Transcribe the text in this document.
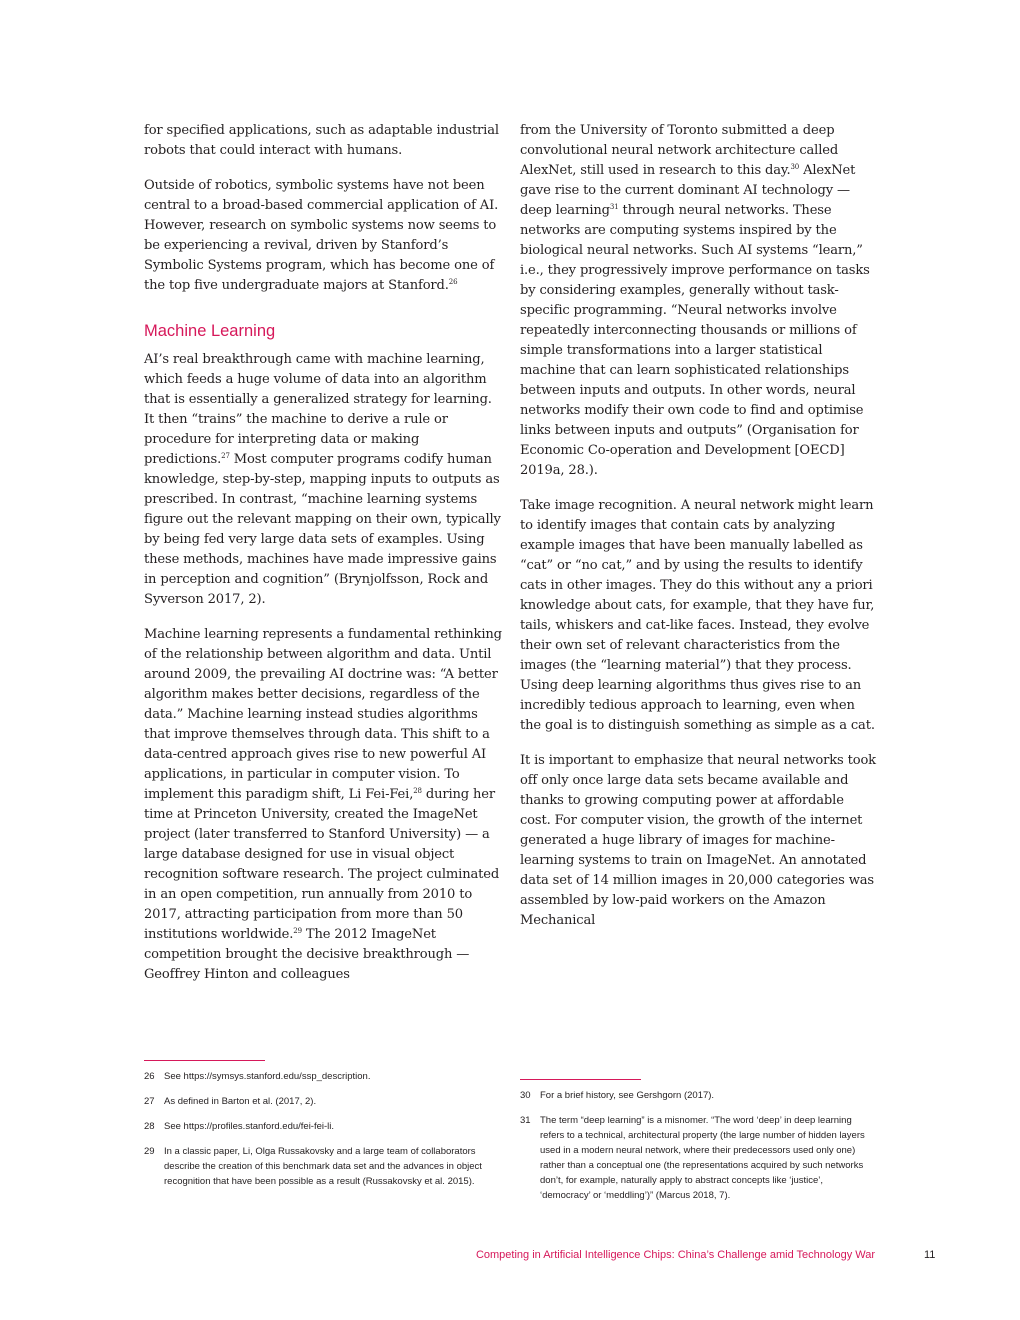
for specified applications, such as adaptable industrial robots that could interact with humans.

Outside of robotics, symbolic systems have not been central to a broad-based commercial application of AI. However, research on symbolic systems now seems to be experiencing a revival, driven by Stanford’s Symbolic Systems program, which has become one of the top five undergraduate majors at Stanford.$^{26}$

Machine Learning

AI’s real breakthrough came with machine learning, which feeds a huge volume of data into an algorithm that is essentially a generalized strategy for learning. It then “trains” the machine to derive a rule or procedure for interpreting data or making predictions.$^{27}$ Most computer programs codify human knowledge, step-by-step, mapping inputs to outputs as prescribed. In contrast, “machine learning systems figure out the relevant mapping on their own, typically by being fed very large data sets of examples. Using these methods, machines have made impressive gains in perception and cognition” (Brynjolfsson, Rock and Syverson 2017, 2).

Machine learning represents a fundamental rethinking of the relationship between algorithm and data. Until around 2009, the prevailing AI doctrine was: “A better algorithm makes better decisions, regardless of the data.” Machine learning instead studies algorithms that improve themselves through data. This shift to a data-centred approach gives rise to new powerful AI applications, in particular in computer vision. To implement this paradigm shift, Li Fei-Fei,$^{28}$ during her time at Princeton University, created the ImageNet project (later transferred to Stanford University) — a large database designed for use in visual object recognition software research. The project culminated in an open competition, run annually from 2010 to 2017, attracting participation from more than 50 institutions worldwide.$^{29}$ The 2012 ImageNet competition brought the decisive breakthrough — Geoffrey Hinton and colleagues

from the University of Toronto submitted a deep convolutional neural network architecture called AlexNet, still used in research to this day.$^{30}$ AlexNet gave rise to the current dominant AI technology — deep learning$^{31}$ through neural networks. These networks are computing systems inspired by the biological neural networks. Such AI systems “learn,” i.e., they progressively improve performance on tasks by considering examples, generally without task-specific programming. “Neural networks involve repeatedly interconnecting thousands or millions of simple transformations into a larger statistical machine that can learn sophisticated relationships between inputs and outputs. In other words, neural networks modify their own code to find and optimise links between inputs and outputs” (Organisation for Economic Co-operation and Development [OECD] 2019a, 28.).

Take image recognition. A neural network might learn to identify images that contain cats by analyzing example images that have been manually labelled as “cat” or “no cat,” and by using the results to identify cats in other images. They do this without any a priori knowledge about cats, for example, that they have fur, tails, whiskers and cat-like faces. Instead, they evolve their own set of relevant characteristics from the images (the “learning material”) that they process. Using deep learning algorithms thus gives rise to an incredibly tedious approach to learning, even when the goal is to distinguish something as simple as a cat.

It is important to emphasize that neural networks took off only once large data sets became available and thanks to growing computing power at affordable cost. For computer vision, the growth of the internet generated a huge library of images for machine-learning systems to train on ImageNet. An annotated data set of 14 million images in 20,000 categories was assembled by low-paid workers on the Amazon Mechanical

26 See https://symsys.stanford.edu/ssp_description.
27 As defined in Barton et al. (2017, 2).
28 See https://profiles.stanford.edu/fei-fei-li.
29 In a classic paper, Li, Olga Russakovsky and a large team of collaborators describe the creation of this benchmark data set and the advances in object recognition that have been possible as a result (Russakovsky et al. 2015).
30 For a brief history, see Gershgorn (2017).
31 The term “deep learning” is a misnomer. “The word ‘deep’ in deep learning refers to a technical, architectural property (the large number of hidden layers used in a modern neural network, where their predecessors used only one) rather than a conceptual one (the representations acquired by such networks don’t, for example, naturally apply to abstract concepts like ‘justice’, ‘democracy’ or ‘meddling’)” (Marcus 2018, 7).
Competing in Artificial Intelligence Chips: China’s Challenge amid Technology War	11
